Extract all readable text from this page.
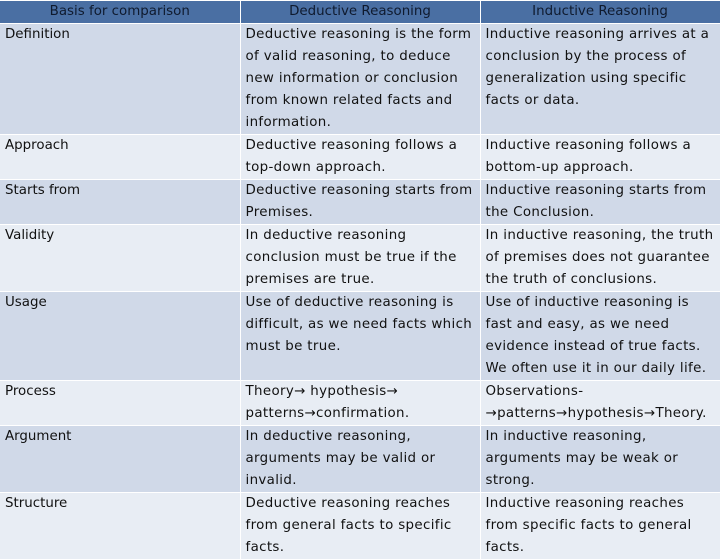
Basis for comparison	Deductive Reasoning	Inductive Reasoning
Definition	Deductive reasoning is the form of valid reasoning, to deduce new information or conclusion from known related facts and information.	Inductive reasoning arrives at a conclusion by the process of generalization using specific facts or data.
Approach	Deductive reasoning follows a top-down approach.	Inductive reasoning follows a bottom-up approach.
Starts from	Deductive reasoning starts from Premises.	Inductive reasoning starts from the Conclusion.
Validity	In deductive reasoning conclusion must be true if the premises are true.	In inductive reasoning, the truth of premises does not guarantee the truth of conclusions.
Usage	Use of deductive reasoning is difficult, as we need facts which must be true.	Use of inductive reasoning is fast and easy, as we need evidence instead of true facts. We often use it in our daily life.
Process	Theory→ hypothesis→ patterns→confirmation.	Observations-→patterns→hypothesis→Theory.
Argument	In deductive reasoning, arguments may be valid or invalid.	In inductive reasoning, arguments may be weak or strong.
Structure	Deductive reasoning reaches from general facts to specific facts.	Inductive reasoning reaches from specific facts to general facts.
